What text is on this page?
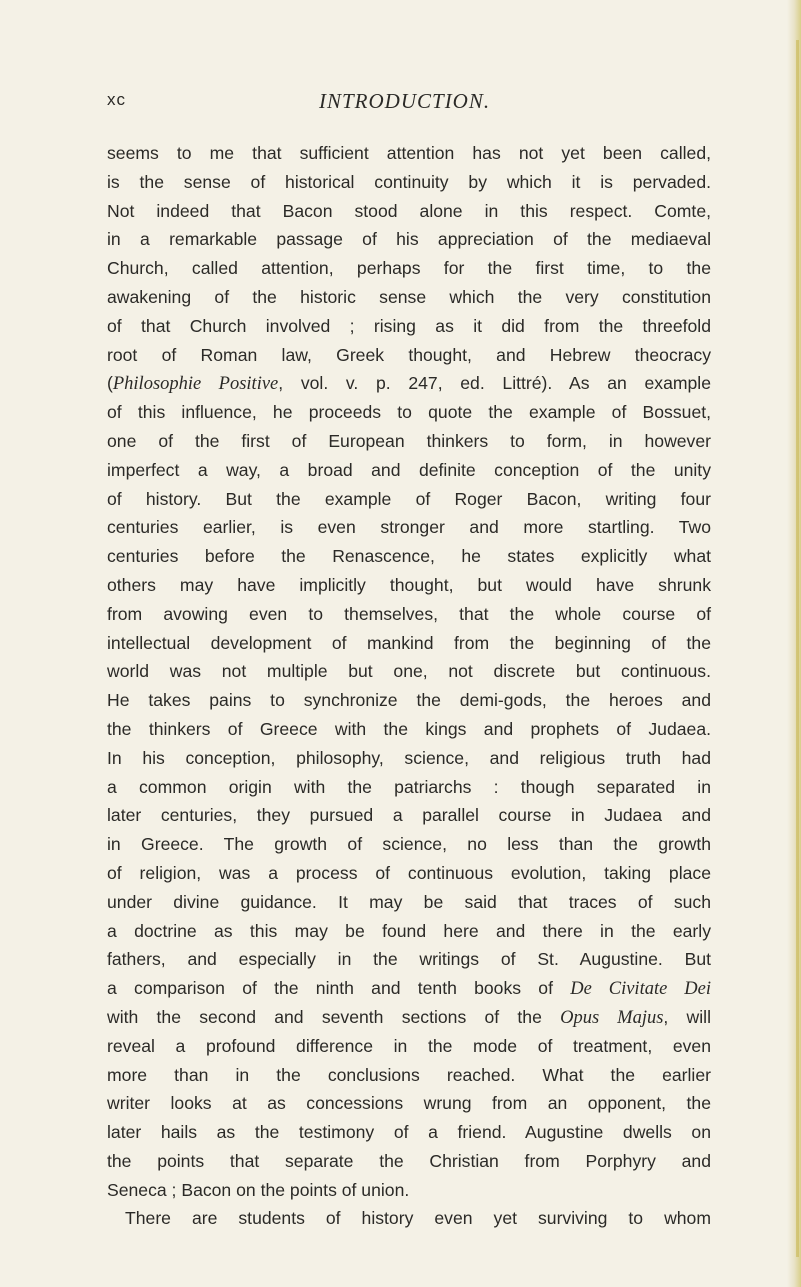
xc	INTRODUCTION.
seems to me that sufficient attention has not yet been called,
is the sense of historical continuity by which it is pervaded.
Not indeed that Bacon stood alone in this respect. Comte,
in a remarkable passage of his appreciation of the mediaeval
Church, called attention, perhaps for the first time, to the
awakening of the historic sense which the very constitution
of that Church involved ; rising as it did from the threefold
root of Roman law, Greek thought, and Hebrew theocracy
(Philosophie Positive, vol. v. p. 247, ed. Littré). As an example
of this influence, he proceeds to quote the example of Bossuet,
one of the first of European thinkers to form, in however
imperfect a way, a broad and definite conception of the unity
of history. But the example of Roger Bacon, writing four
centuries earlier, is even stronger and more startling. Two
centuries before the Renascence, he states explicitly what
others may have implicitly thought, but would have shrunk
from avowing even to themselves, that the whole course of
intellectual development of mankind from the beginning of the
world was not multiple but one, not discrete but continuous.
He takes pains to synchronize the demi-gods, the heroes and
the thinkers of Greece with the kings and prophets of Judaea.
In his conception, philosophy, science, and religious truth had
a common origin with the patriarchs : though separated in
later centuries, they pursued a parallel course in Judaea and
in Greece. The growth of science, no less than the growth
of religion, was a process of continuous evolution, taking place
under divine guidance. It may be said that traces of such
a doctrine as this may be found here and there in the early
fathers, and especially in the writings of St. Augustine. But
a comparison of the ninth and tenth books of De Civitate Dei
with the second and seventh sections of the Opus Majus, will
reveal a profound difference in the mode of treatment, even
more than in the conclusions reached. What the earlier
writer looks at as concessions wrung from an opponent, the
later hails as the testimony of a friend. Augustine dwells on
the points that separate the Christian from Porphyry and
Seneca ; Bacon on the points of union.
There are students of history even yet surviving to whom
